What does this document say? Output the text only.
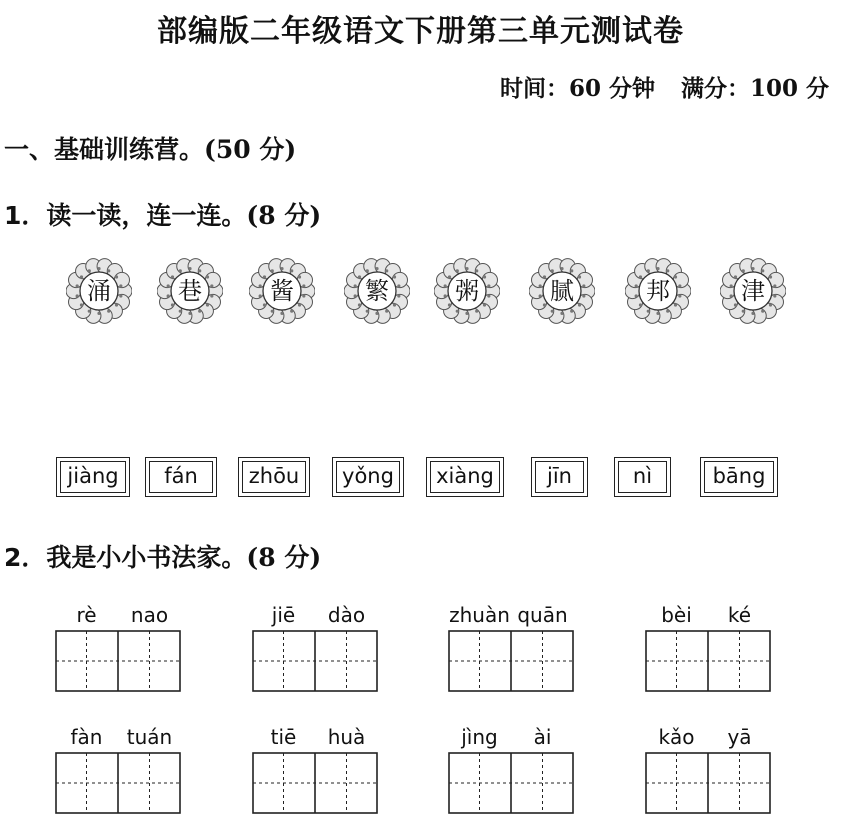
部编版二年级语文下册第三单元测试卷
时间：60 分钟 满分：100 分
一、基础训练营。(50 分)
1．读一读，连一连。(8 分)
涌	巷	酱	繁	粥	腻	邦	津
jiàng	fán	zhōu	yǒng	xiàng	jīn	nì	bāng
2．我是小小书法家。(8 分)
rè	nao	jiē	dào	zhuàn quān	bèi	ké
fàn	tuán	tiē	huà	jìng	ài	kǎo	yā
